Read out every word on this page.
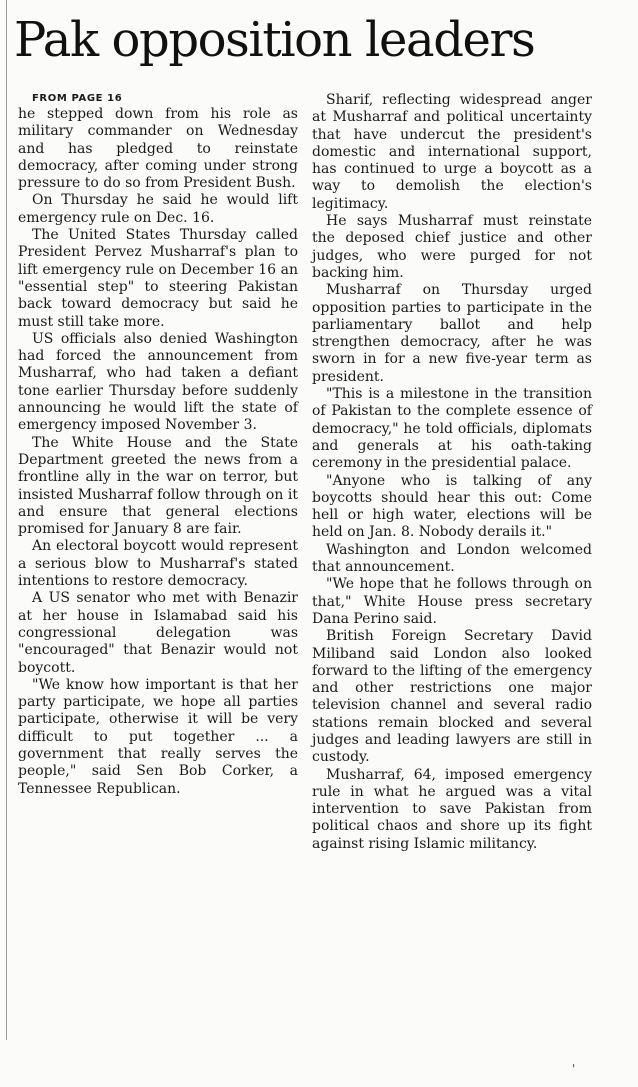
Pak opposition leaders

FROM PAGE 16

he stepped down from his role as military commander on Wednesday and has pledged to reinstate democracy, after coming under strong pressure to do so from President Bush.

On Thursday he said he would lift emergency rule on Dec. 16.

The United States Thursday called President Pervez Musharraf's plan to lift emergency rule on December 16 an "essential step" to steering Pakistan back toward democracy but said he must still take more.

US officials also denied Washington had forced the announcement from Musharraf, who had taken a defiant tone earlier Thursday before suddenly announcing he would lift the state of emergency imposed November 3.

The White House and the State Department greeted the news from a frontline ally in the war on terror, but insisted Musharraf follow through on it and ensure that general elections promised for January 8 are fair.

An electoral boycott would represent a serious blow to Musharraf's stated intentions to restore democracy.

A US senator who met with Benazir at her house in Islamabad said his congressional delegation was "encouraged" that Benazir would not boycott.

"We know how important is that her party participate, we hope all parties participate, otherwise it will be very difficult to put together ... a government that really serves the people," said Sen Bob Corker, a Tennessee Republican.

Sharif, reflecting widespread anger at Musharraf and political uncertainty that have undercut the president's domestic and international support, has continued to urge a boycott as a way to demolish the election's legitimacy.

He says Musharraf must reinstate the deposed chief justice and other judges, who were purged for not backing him.

Musharraf on Thursday urged opposition parties to participate in the parliamentary ballot and help strengthen democracy, after he was sworn in for a new five-year term as president.

"This is a milestone in the transition of Pakistan to the complete essence of democracy," he told officials, diplomats and generals at his oath-taking ceremony in the presidential palace.

"Anyone who is talking of any boycotts should hear this out: Come hell or high water, elections will be held on Jan. 8. Nobody derails it."

Washington and London welcomed that announcement.

"We hope that he follows through on that," White House press secretary Dana Perino said.

British Foreign Secretary David Miliband said London also looked forward to the lifting of the emergency and other restrictions one major television channel and several radio stations remain blocked and several judges and leading lawyers are still in custody.

Musharraf, 64, imposed emergency rule in what he argued was a vital intervention to save Pakistan from political chaos and shore up its fight against rising Islamic militancy.

'
